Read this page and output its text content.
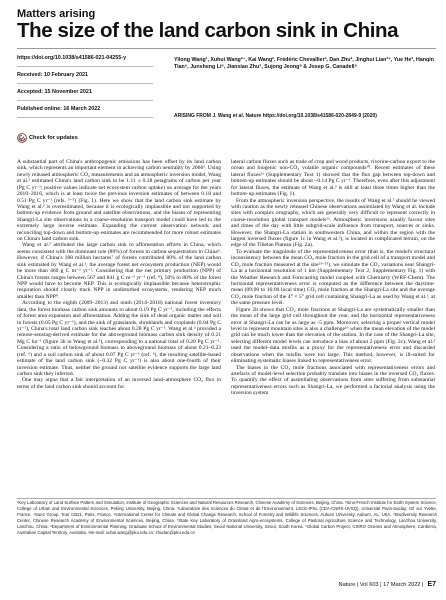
Matters arising
The size of the land carbon sink in China
https://doi.org/10.1038/s41586-021-04255-y
Received: 10 February 2021
Accepted: 15 November 2021
Published online: 16 March 2022
Check for updates

Yilong Wang¹, Xuhui Wang²⁻, Kai Wang², Frédéric Chevallier³, Dan Zhu², Jinghui Lian³⁴, Yue He², Hanqin Tian⁵, Junsheng Li⁶, Jianxiao Zhu⁷, Sujong Jeong⁸ & Josep G. Canadell⁹

ARISING FROM J. Wang et al. Nature https://doi.org/10.1038/s41586-020-2849-9 (2020)

A substantial part of China's anthropogenic emissions has been offset by its land carbon sink, which represents an important element in achieving carbon neutrality by 2060¹. Using newly released atmospheric CO₂ measurements and an atmospheric inversion model, Wang et al.² estimated China's land carbon sink to be 1.11 ± 0.38 petagrams of carbon per year (Pg C yr⁻¹; positive values indicate net ecosystem carbon uptake) on average for the years 2010–2016, which is at least twice the previous inversion estimates of between 0.18 and 0.51 Pg C yr⁻¹ (refs. ³⁻⁵) (Fig. 1). Here we show that the land carbon sink estimate by Wang et al.² is overestimated, because it is ecologically implausible and not supported by bottom-up evidence from ground and satellite observations, and the biases of representing Shangri-La site observations in a coarse-resolution transport model could have led to the extremely large inverse estimate. Expanding the current observation network and reconciling top-down and bottom-up estimates are recommended for more robust estimates on China's land carbon sink.

Wang et al.² attributed the large carbon sink to afforestation efforts in China, which seems consistent with the dominant role (80%) of forests in carbon sequestration in China⁶. However, if China's 188 million hectares⁷ of forests contributed 80% of the land carbon sink estimated by Wang et al.², the average forest net ecosystem production (NEP) would be more than 460 g C m⁻² yr⁻¹. Considering that the net primary production (NPP) of China's forests ranges between 567 and 841 g C m⁻² yr⁻¹ (ref. ⁸), 50% to 80% of the forest NPP would have to become NEP. This is ecologically implausible because heterotrophic respiration should closely track NPP in undisturbed ecosystems, rendering NEP much smaller than NPP⁹.

According to the eighth (2009–2013) and ninth (2014–2018) national forest inventory data, the forest biomass carbon sink amounts to about 0.19 Pg C yr⁻¹, including the effects of forest area expansion and afforestation. Adding the sink of dead organic matter and soil in forests (0.05 Pg C yr⁻¹), and the sink of grasslands, shrublands and croplands (0.04 Pg C yr⁻¹), China's total land carbon sink reaches about 0.28 Pg C yr⁻¹. Wang et al.² provided a remote-sensing-derived estimate for the aboveground biomass carbon sink density of 0.21 Mg C ha⁻¹ (figure 3b in Wang et al.²), corresponding to a national total of 0.20 Pg C yr⁻¹. Considering a ratio of belowground biomass to aboveground biomass of about 0.21–0.23 (ref. ⁶) and a soil carbon sink of about 0.07 Pg C yr⁻¹ (ref. ⁶), the resulting satellite-based estimate of the land carbon sink (~0.32 Pg C yr⁻¹) is also about one-fourth of their inversion estimate. Thus, neither the ground nor satellite evidence supports the large land carbon sink they inferred.

One may argue that a fair interpretation of an inversed land–atmosphere CO₂ flux in terms of the land carbon sink should account for

lateral carbon fluxes such as trade of crop and wood products, riverine-carbon export to the ocean and biogenic non-CO₂ volatile organic compounds¹⁰. Recent estimates of these lateral fluxes¹¹ (Supplementary Text 1) showed that the flux gap between top-down and bottom-up estimates should be about ~0.14 Pg C yr⁻¹. Therefore, even after this adjustment for lateral fluxes, the estimate of Wang et al.² is still at least three times higher than the bottom-up estimates (Fig. 1).

From the atmospheric inversion perspective, the results of Wang et al.² should be viewed with caution as the newly released Chinese observations assimilated by Wang et al. include sites with complex orography, which are generally very difficult to represent correctly in coarse-resolution global transport models¹². Atmospheric inversions usually favour sites and times of the day with little subgrid-scale influence from transport, sources or sinks. However, the Shangri-La station in southwestern China, and within the region with the largest inversed fluxes (figure 1c in Wang et al.²), is located in complicated terrain, on the edge of the Tibetan Plateau (Fig. 2a).

To evaluate the magnitude of the representativeness error (that is, the model's structural inconsistency between the mean CO₂ mole fraction in the grid cell of a transport model and CO₂ mole fraction measured at the site¹³⁻¹⁵), we simulate the CO₂ variations near Shangri-La at a horizontal resolution of 1 km (Supplementary Text 2, Supplementary Fig. 1) with the Weather Research and Forecasting model coupled with Chemistry (WRF-Chem). The horizontal representativeness error is computed as the difference between the daytime-mean (09:00 to 16:00 local time) CO₂ mole fraction at the Shangri-La site and the average CO₂ mole fraction of the 4° × 5° grid cell containing Shangri-La as used by Wang et al.², at the same pressure level.

Figure 2b shows that CO₂ mole fractions at Shangri-La are systematically smaller than the mean of the large grid cell throughout the year, and the horizontal representativeness error at Shangri-La can be as large as -5 ppm. Moreover, selecting a proper vertical model level to represent mountain sites is also a challenge¹⁶ when the mean elevation of the model grid can be much lower than the elevation of the station. In the case of the Shangri-La site, selecting different model levels can introduce a bias of about 2 ppm (Fig. 2c). Wang et al.² used the model–data misfits as a proxy for the representativeness error and discarded observations when the misfits were too large. This method, however, is ill-suited for eliminating systematic biases linked to representativeness error.

The biases in the CO₂ mole fractions associated with representativeness errors and artefacts of model-level selection probably translate into biases in the inversed CO₂ fluxes. To quantify the effect of assimilating observations from sites suffering from substantial representativeness errors such as Shangri-La, we performed a factorial analysis using the inversion system

¹Key Laboratory of Land Surface Pattern and Simulation, Institute of Geographic Sciences and Natural Resources Research, Chinese Academy of Sciences, Beijing, China. ²Sino-French Institute for Earth System Science, College of Urban and Environmental Sciences, Peking University, Beijing, China. ³Laboratoire des Sciences du Climat et de l'Environnement, LSCE-IPSL (CEA-CNRS-UVSQ), Université Paris-Saclay, Gif sur Yvette, France. ⁴Suez Group, Tour CB21, Paris, France. ⁵International Center for Climate and Global Change Research, School of Forestry and Wildlife Sciences, Auburn University, Auburn, AL, USA. ⁶Biodiversity Research Center, Chinese Research Academy of Environmental Sciences, Beijing, China. ⁷State Key Laboratory of Grassland Agro-ecosystems, College of Pastoral Agriculture Science and Technology, Lanzhou University, Lanzhou, China. ⁸Department of Environmental Planning, Graduate School of Environmental Studies, Seoul National University, Seoul, South Korea. ⁹Global Carbon Project, CSIRO Oceans and Atmosphere, Canberra, Australian Capital Territory, Australia. ✉e-mail: xuhui.wang@pku.edu.cn; zhudan@pku.edu.cn

Nature | Vol 603 | 17 March 2022 | E7
